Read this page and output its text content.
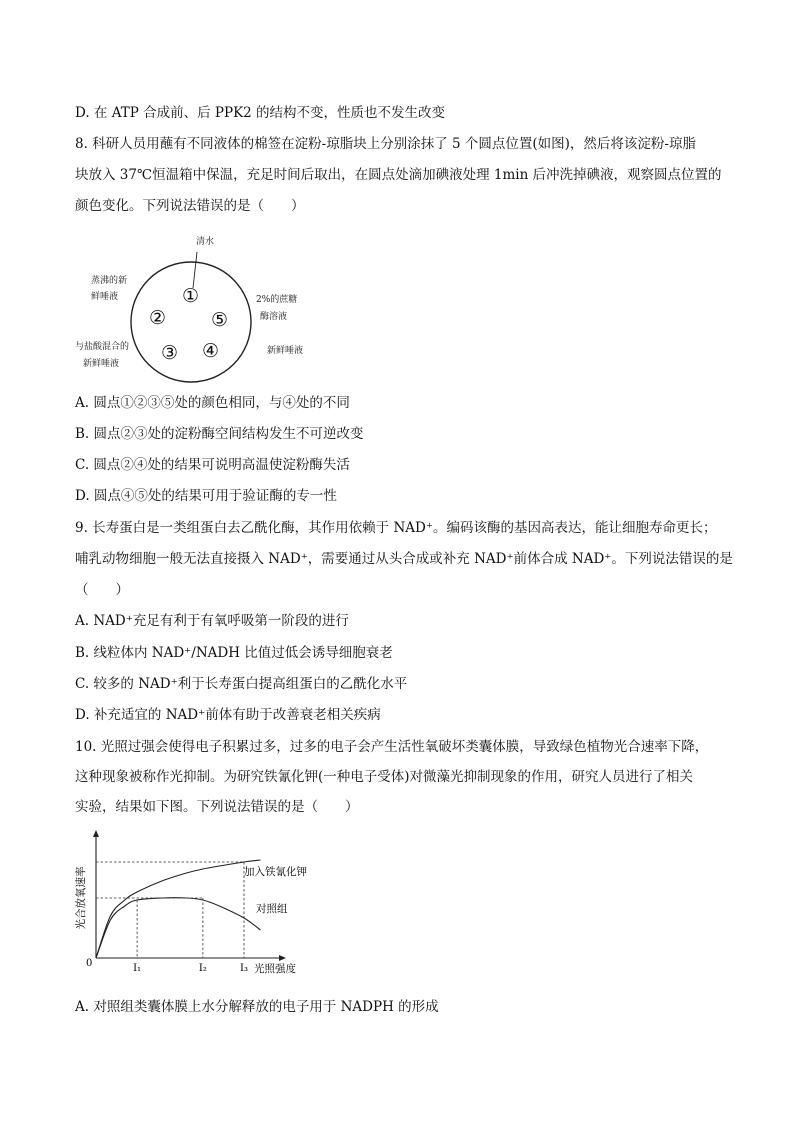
D. 在 ATP 合成前、后 PPK2 的结构不变，性质也不发生改变
8. 科研人员用蘸有不同液体的棉签在淀粉-琼脂块上分别涂抹了 5 个圆点位置(如图)，然后将该淀粉-琼脂
块放入 37℃恒温箱中保温，充足时间后取出，在圆点处滴加碘液处理 1min 后冲洗掉碘液，观察圆点位置的
颜色变化。下列说法错误的是（　　）
清水
蒸沸的新
鲜唾液
与盐酸混合的
新鲜唾液
新鲜唾液
2%的蔗糖
酶溶液
①
②
③ ④
⑤
A. 圆点①②③⑤处的颜色相同，与④处的不同
B. 圆点②③处的淀粉酶空间结构发生不可逆改变
C. 圆点②④处的结果可说明高温使淀粉酶失活
D. 圆点④⑤处的结果可用于验证酶的专一性
9. 长寿蛋白是一类组蛋白去乙酰化酶，其作用依赖于 NAD⁺。编码该酶的基因高表达，能让细胞寿命更长；
哺乳动物细胞一般无法直接摄入 NAD⁺，需要通过从头合成或补充 NAD⁺前体合成 NAD⁺。下列说法错误的是
（　　）
A. NAD⁺充足有利于有氧呼吸第一阶段的进行
B. 线粒体内 NAD⁺/NADH 比值过低会诱导细胞衰老
C. 较多的 NAD⁺利于长寿蛋白提高组蛋白的乙酰化水平
D. 补充适宜的 NAD⁺前体有助于改善衰老相关疾病
10. 光照过强会使得电子积累过多，过多的电子会产生活性氧破坏类囊体膜，导致绿色植物光合速率下降，
这种现象被称作光抑制。为研究铁氰化钾(一种电子受体)对微藻光抑制现象的作用，研究人员进行了相关
实验，结果如下图。下列说法错误的是（　　）
I₁	I₂	I₃
0	光照强度
光合放氧速率	加入铁氰化钾
对照组
A. 对照组类囊体膜上水分解释放的电子用于 NADPH 的形成
